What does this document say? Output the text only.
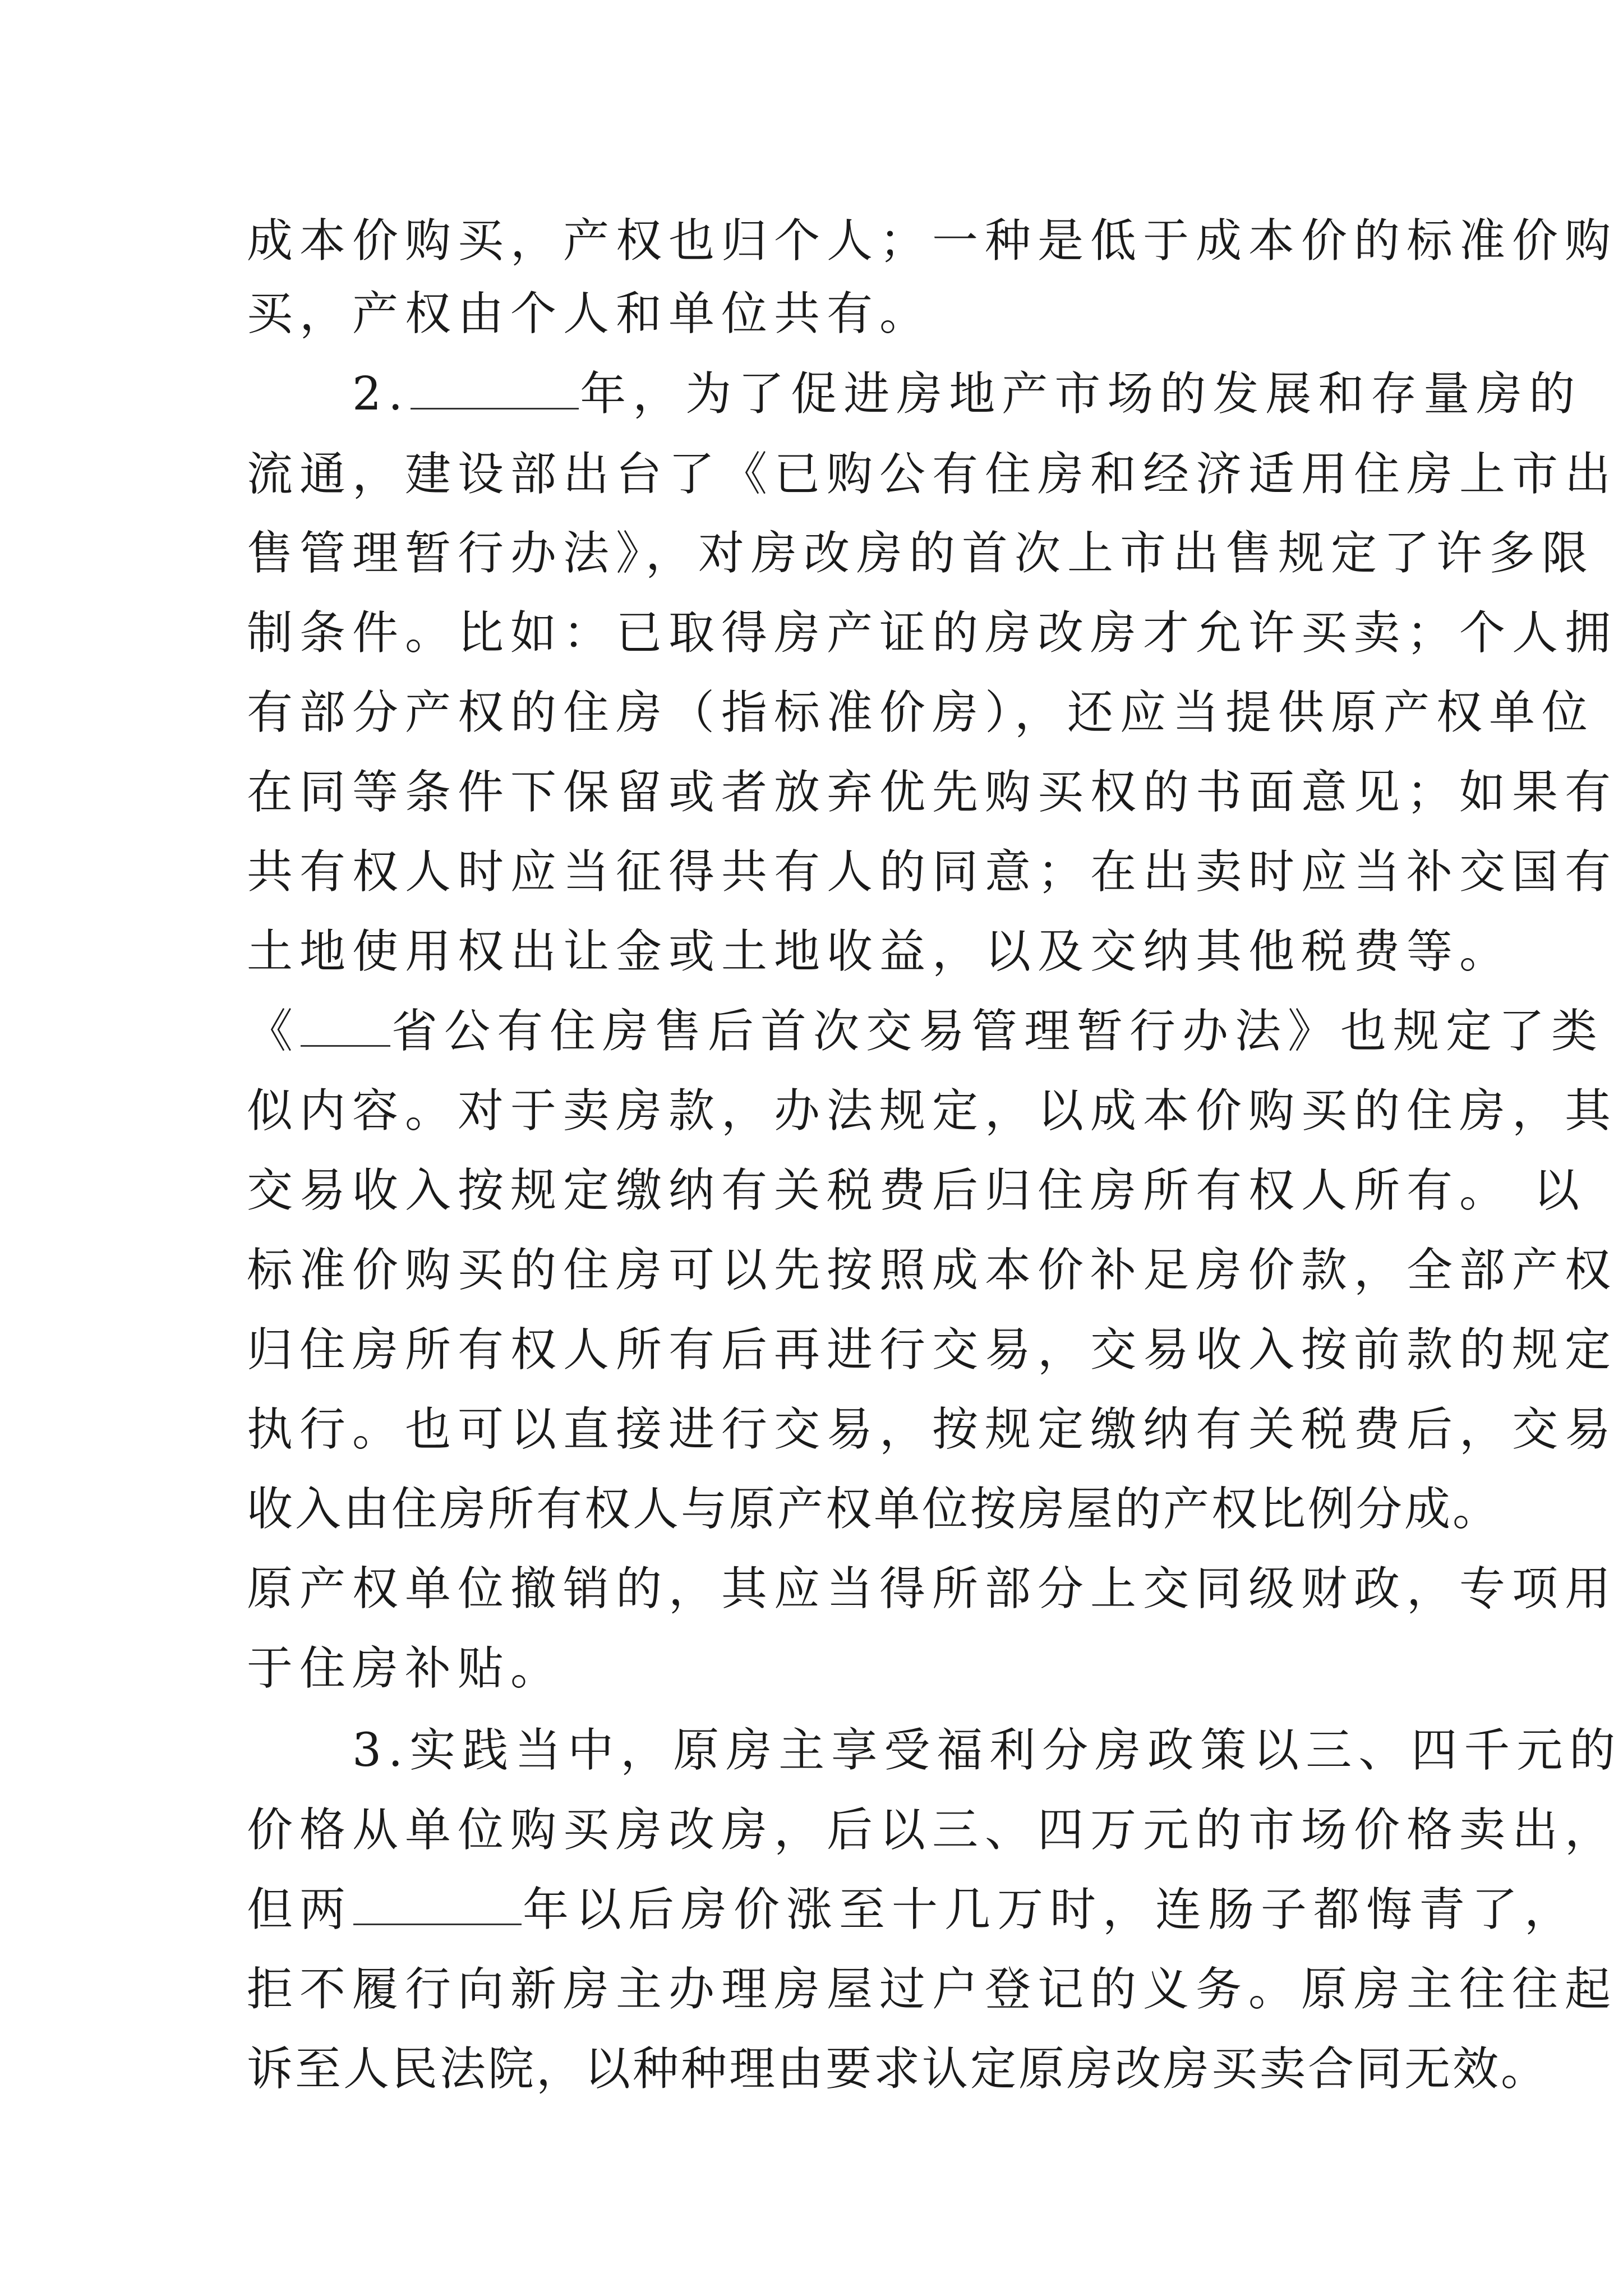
成本价购买，产权也归个人；一种是低于成本价的标准价购
买，产权由个人和单位共有。
　　2.	年，为了促进房地产市场的发展和存量房的
流通，建设部出台了《已购公有住房和经济适用住房上市出
售管理暂行办法》，对房改房的首次上市出售规定了许多限
制条件。比如：已取得房产证的房改房才允许买卖；个人拥
有部分产权的住房（指标准价房），还应当提供原产权单位
在同等条件下保留或者放弃优先购买权的书面意见；如果有
共有权人时应当征得共有人的同意；在出卖时应当补交国有
土地使用权出让金或土地收益，以及交纳其他税费等。
《 省公有住房售后首次交易管理暂行办法》也规定了类
似内容。对于卖房款，办法规定，以成本价购买的住房，其
交易收入按规定缴纳有关税费后归住房所有权人所有。 以
标准价购买的住房可以先按照成本价补足房价款，全部产权
归住房所有权人所有后再进行交易，交易收入按前款的规定
执行。也可以直接进行交易，按规定缴纳有关税费后，交易
收入由住房所有权人与原产权单位按房屋的产权比例分成。
原产权单位撤销的，其应当得所部分上交同级财政，专项用
于住房补贴。
　　3.实践当中，原房主享受福利分房政策以三、四千元的
价格从单位购买房改房，后以三、四万元的市场价格卖出，
但两	年以后房价涨至十几万时，连肠子都悔青了，
拒不履行向新房主办理房屋过户登记的义务。原房主往往起
诉至人民法院，以种种理由要求认定原房改房买卖合同无效。
